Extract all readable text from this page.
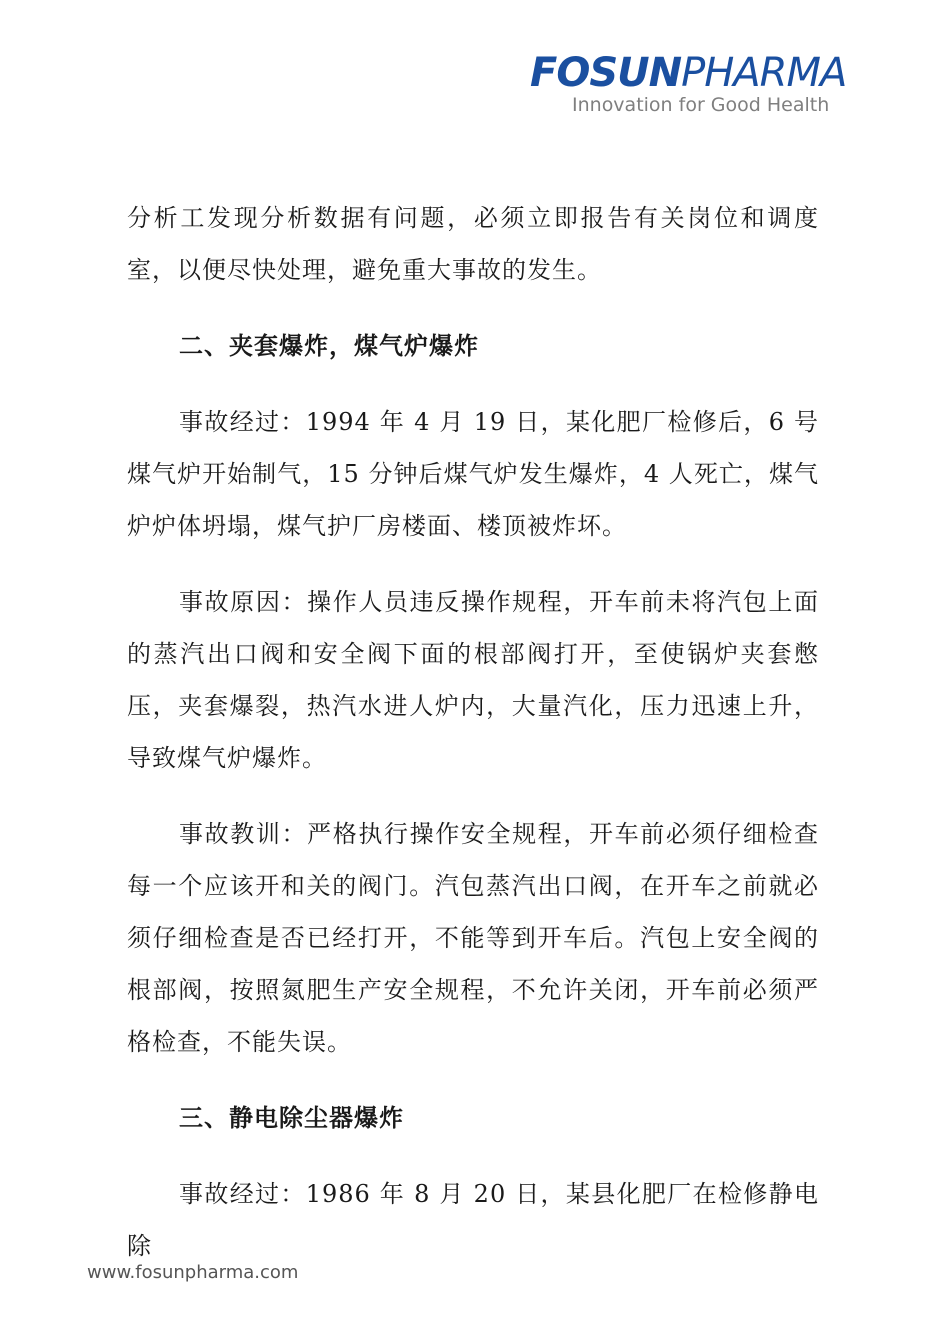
FOSUNPHARMA
Innovation for Good Health

分析工发现分析数据有问题，必须立即报告有关岗位和调度室，以便尽快处理，避免重大事故的发生。

二、夹套爆炸，煤气炉爆炸

事故经过：1994 年 4 月 19 日，某化肥厂检修后，6 号煤气炉开始制气，15 分钟后煤气炉发生爆炸，4 人死亡，煤气炉炉体坍塌，煤气护厂房楼面、楼顶被炸坏。

事故原因：操作人员违反操作规程，开车前未将汽包上面的蒸汽出口阀和安全阀下面的根部阀打开，至使锅炉夹套憋压，夹套爆裂，热汽水进人炉内，大量汽化，压力迅速上升，导致煤气炉爆炸。

事故教训：严格执行操作安全规程，开车前必须仔细检查每一个应该开和关的阀门。汽包蒸汽出口阀，在开车之前就必须仔细检查是否已经打开，不能等到开车后。汽包上安全阀的根部阀，按照氮肥生产安全规程，不允许关闭，开车前必须严格检查，不能失误。

三、静电除尘器爆炸

事故经过：1986 年 8 月 20 日，某县化肥厂在检修静电除

www.fosunpharma.com
